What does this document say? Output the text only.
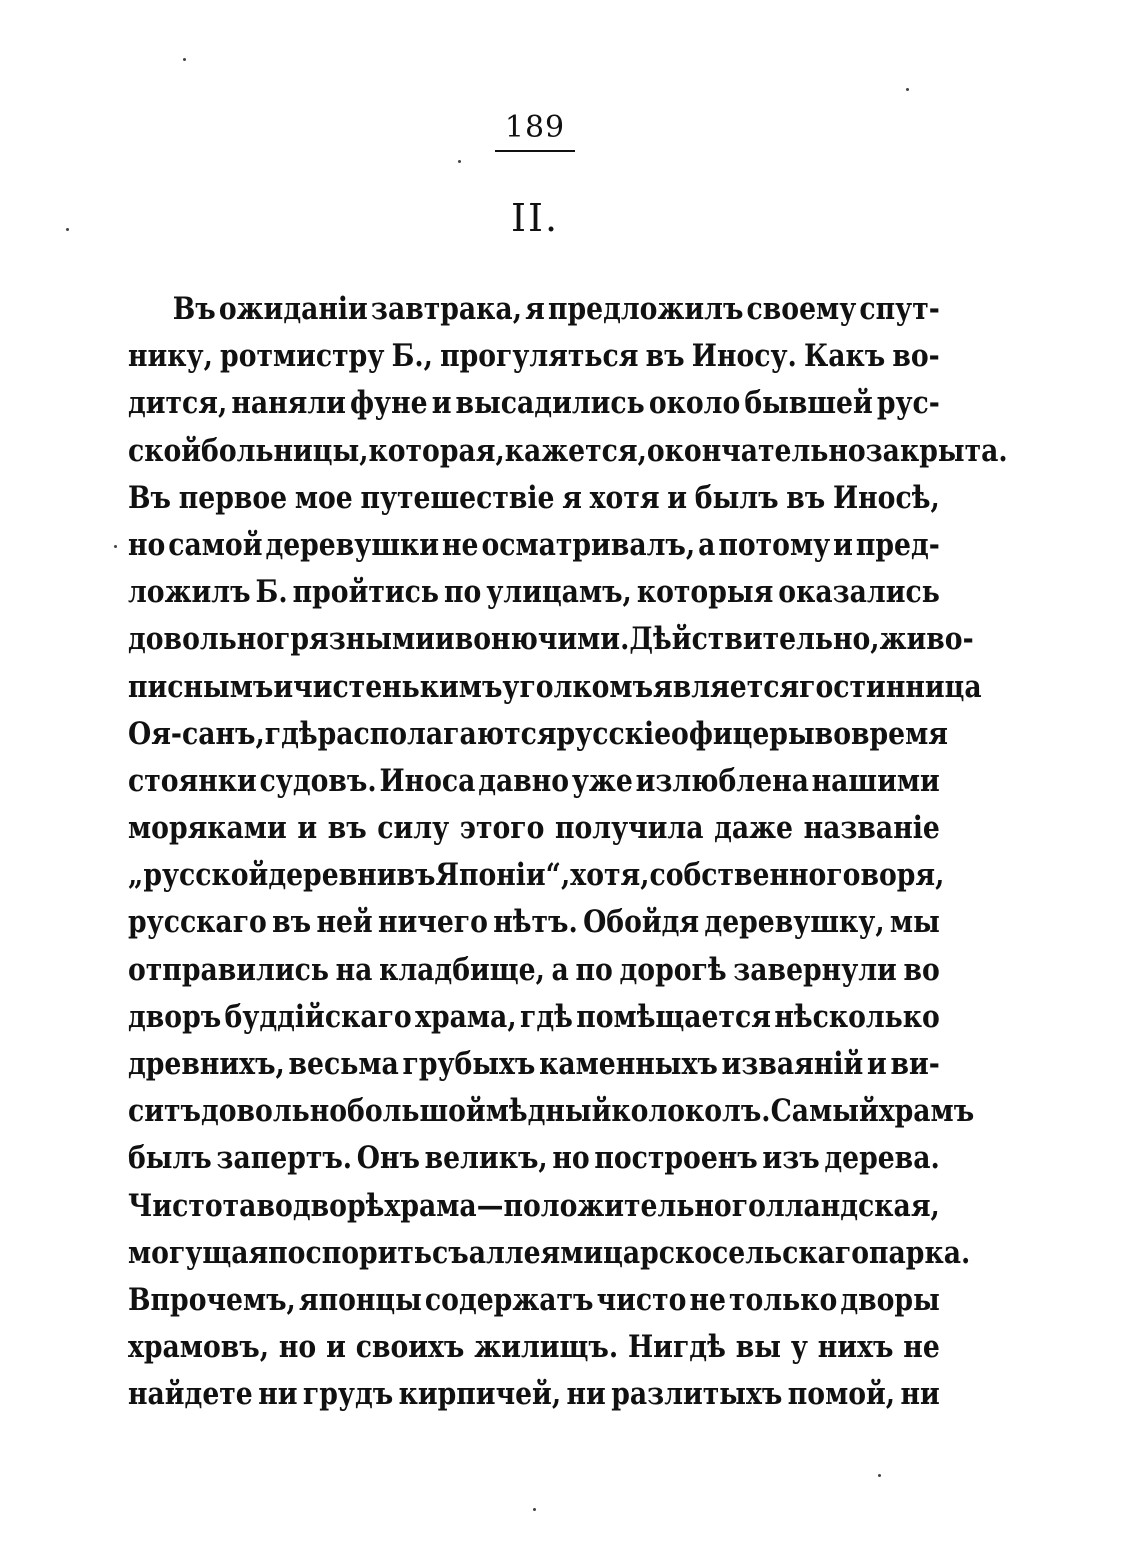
189
II.
Въ ожиданіи завтрака, я предложилъ своему спут-
нику, ротмистру Б., прогуляться въ Иносу. Какъ во-
дится, наняли фуне и высадились около бывшей рус-
ской больницы, которая, кажется, окончательно закрыта.
Въ первое мое путешествіе я хотя и былъ въ Иносѣ,
но самой деревушки не осматривалъ, а потому и пред-
ложилъ Б. пройтись по улицамъ, которыя оказались
довольно грязными и вонючими. Дѣйствительно, живо-
писнымъ и чистенькимъ уголкомъ является гостинница
Оя-санъ, гдѣ располагаются русскіе офицеры во время
стоянки судовъ. Иноса давно уже излюблена нашими
моряками и въ силу этого получила даже названіе
„русской деревни въ Японіи“, хотя, собственно говоря,
русскаго въ ней ничего нѣтъ. Обойдя деревушку, мы
отправились на кладбище, а по дорогѣ завернули во
дворъ буддійскаго храма, гдѣ помѣщается нѣсколько
древнихъ, весьма грубыхъ каменныхъ изваяній и ви-
ситъ довольно большой мѣдный колоколъ. Самый храмъ
былъ запертъ. Онъ великъ, но построенъ изъ дерева.
Чистота во дворѣ храма — положительно голландская,
могущая поспорить съ аллеями царскосельскаго парка.
Впрочемъ, японцы содержатъ чисто не только дворы
храмовъ, но и своихъ жилищъ. Нигдѣ вы у нихъ не
найдете ни грудъ кирпичей, ни разлитыхъ помой, ни
